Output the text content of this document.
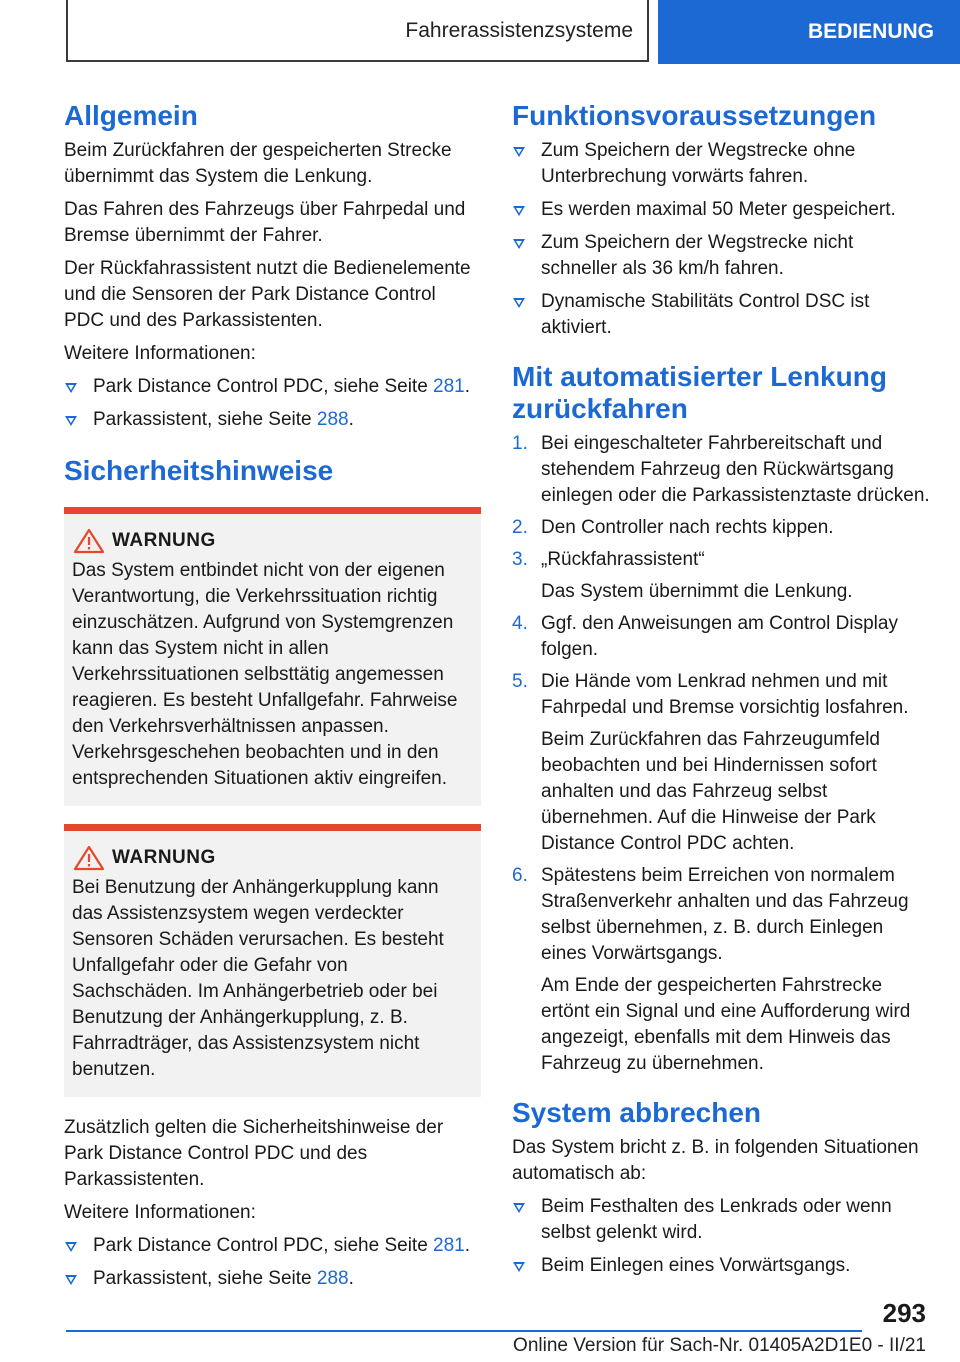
Fahrerassistenzsysteme	BEDIENUNG
Allgemein

Beim Zurückfahren der gespeicherten Strecke übernimmt das System die Lenkung.

Das Fahren des Fahrzeugs über Fahrpedal und Bremse übernimmt der Fahrer.

Der Rückfahrassistent nutzt die Bedienelemente und die Sensoren der Park Distance Control PDC und des Parkassistenten.

Weitere Informationen:

Park Distance Control PDC, siehe Seite 281.
Parkassistent, siehe Seite 288.
Sicherheitshinweise
WARNUNG

Das System entbindet nicht von der eigenen Verantwortung, die Verkehrssituation richtig einzuschätzen. Aufgrund von Systemgrenzen kann das System nicht in allen Verkehrssituationen selbsttätig angemessen reagieren. Es besteht Unfallgefahr. Fahrweise den Verkehrsverhältnissen anpassen. Verkehrsgeschehen beobachten und in den entsprechenden Situationen aktiv eingreifen.

WARNUNG

Bei Benutzung der Anhängerkupplung kann das Assistenzsystem wegen verdeckter Sensoren Schäden verursachen. Es besteht Unfallgefahr oder die Gefahr von Sachschäden. Im Anhängerbetrieb oder bei Benutzung der Anhängerkupplung, z. B. Fahrradträger, das Assistenzsystem nicht benutzen.

Zusätzlich gelten die Sicherheitshinweise der Park Distance Control PDC und des Parkassistenten.

Weitere Informationen:

Park Distance Control PDC, siehe Seite 281.
Parkassistent, siehe Seite 288.
Funktionsvoraussetzungen
Zum Speichern der Wegstrecke ohne Unterbrechung vorwärts fahren.
Es werden maximal 50 Meter gespeichert.
Zum Speichern der Wegstrecke nicht schneller als 36 km/h fahren.
Dynamische Stabilitäts Control DSC ist aktiviert.
Mit automatisierter Lenkung zurückfahren
1. Bei eingeschalteter Fahrbereitschaft und stehendem Fahrzeug den Rückwärtsgang einlegen oder die Parkassistenztaste drücken.
2. Den Controller nach rechts kippen.
3. „Rückfahrassistent“
Das System übernimmt die Lenkung.
4. Ggf. den Anweisungen am Control Display folgen.
5. Die Hände vom Lenkrad nehmen und mit Fahrpedal und Bremse vorsichtig losfahren.
Beim Zurückfahren das Fahrzeugumfeld beobachten und bei Hindernissen sofort anhalten und das Fahrzeug selbst übernehmen. Auf die Hinweise der Park Distance Control PDC achten.
6. Spätestens beim Erreichen von normalem Straßenverkehr anhalten und das Fahrzeug selbst übernehmen, z. B. durch Einlegen eines Vorwärtsgangs.
Am Ende der gespeicherten Fahrstrecke ertönt ein Signal und eine Aufforderung wird angezeigt, ebenfalls mit dem Hinweis das Fahrzeug zu übernehmen.
System abbrechen

Das System bricht z. B. in folgenden Situationen automatisch ab:

Beim Festhalten des Lenkrads oder wenn selbst gelenkt wird.
Beim Einlegen eines Vorwärtsgangs.
293
Online Version für Sach-Nr. 01405A2D1E0 - II/21
